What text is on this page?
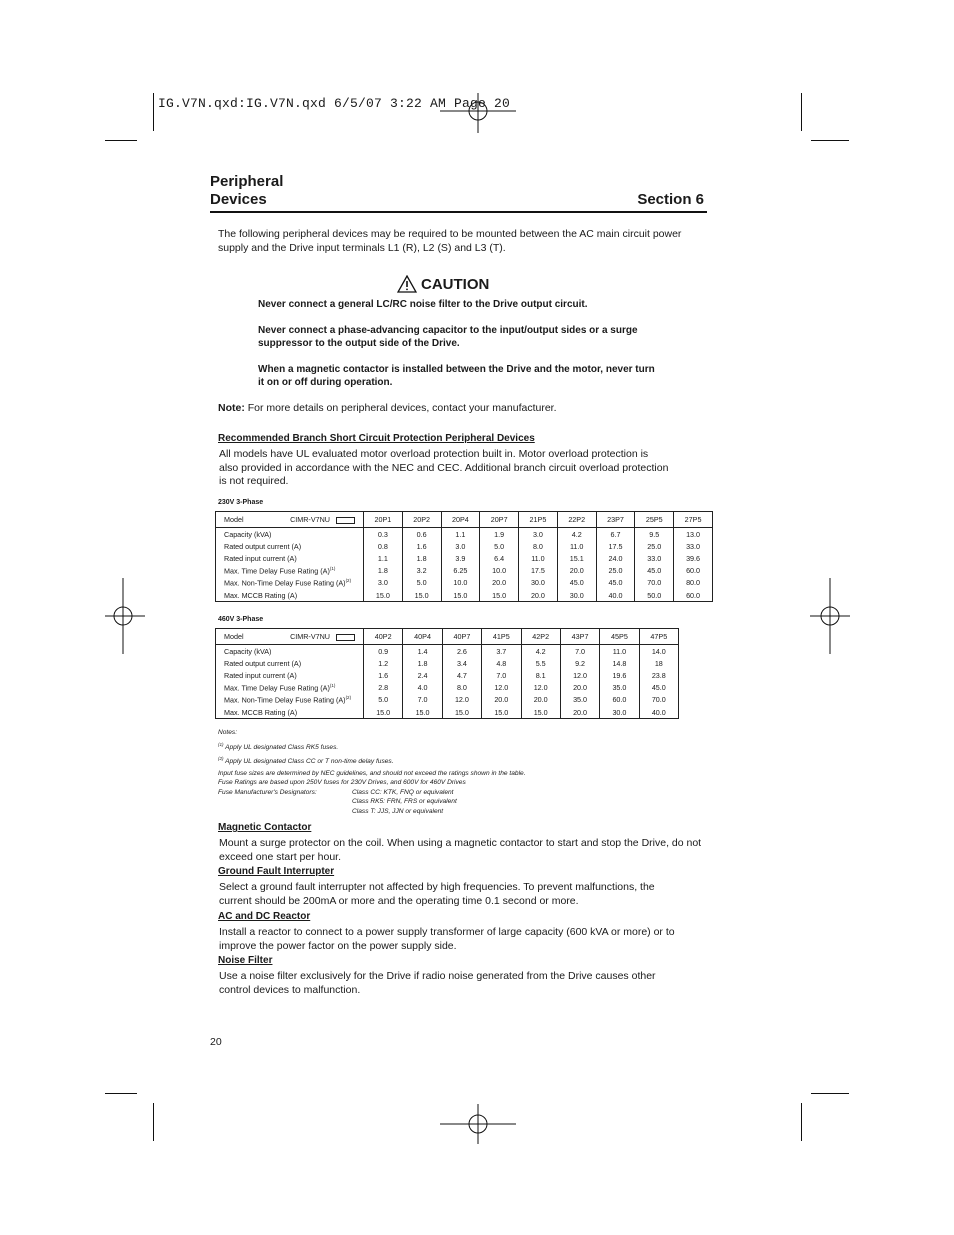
IG.V7N.qxd:IG.V7N.qxd 6/5/07 3:22 AM Page 20
Peripheral
Devices	Section 6
The following peripheral devices may be required to be mounted between the AC main circuit power supply and the Drive input terminals L1 (R), L2 (S) and L3 (T).
CAUTION
Never connect a general LC/RC noise filter to the Drive output circuit.
Never connect a phase-advancing capacitor to the input/output sides or a surge suppressor to the output side of the Drive.
When a magnetic contactor is installed between the Drive and the motor, never turn it on or off during operation.
Note: For more details on peripheral devices, contact your manufacturer.
Recommended Branch Short Circuit Protection Peripheral Devices
All models have UL evaluated motor overload protection built in. Motor overload protection is also provided in accordance with the NEC and CEC. Additional branch circuit overload protection is not required.
230V 3-Phase
Model CIMR-V7NU	20P1	20P2	20P4	20P7	21P5	22P2	23P7	25P5	27P5
Capacity (kVA)	0.3	0.6	1.1	1.9	3.0	4.2	6.7	9.5	13.0
Rated output current (A)	0.8	1.6	3.0	5.0	8.0	11.0	17.5	25.0	33.0
Rated input current (A)	1.1	1.8	3.9	6.4	11.0	15.1	24.0	33.0	39.6
Max. Time Delay Fuse Rating $(A)^{(1)}$	1.8	3.2	6.25	10.0	17.5	20.0	25.0	45.0	60.0
Max. Non-Time Delay Fuse Rating $(A)^{(2)}$	3.0	5.0	10.0	20.0	30.0	45.0	45.0	70.0	80.0
Max. MCCB Rating (A)	15.0	15.0	15.0	15.0	20.0	30.0	40.0	50.0	60.0
460V 3-Phase
Model CIMR-V7NU	40P2	40P4	40P7	41P5	42P2	43P7	45P5	47P5
Capacity (kVA)	0.9	1.4	2.6	3.7	4.2	7.0	11.0	14.0
Rated output current (A)	1.2	1.8	3.4	4.8	5.5	9.2	14.8	18
Rated input current (A)	1.6	2.4	4.7	7.0	8.1	12.0	19.6	23.8
Max. Time Delay Fuse Rating $(A)^{(1)}$	2.8	4.0	8.0	12.0	12.0	20.0	35.0	45.0
Max. Non-Time Delay Fuse Rating $(A)^{(2)}$	5.0	7.0	12.0	20.0	20.0	35.0	60.0	70.0
Max. MCCB Rating (A)	15.0	15.0	15.0	15.0	15.0	20.0	30.0	40.0
Notes:
$^{(1)}$ Apply UL designated Class RK5 fuses.
$^{(2)}$ Apply UL designated Class CC or T non-time delay fuses.
Input fuse sizes are determined by NEC guidelines, and should not exceed the ratings shown in the table.
Fuse Ratings are based upon 250V fuses for 230V Drives, and 600V for 460V Drives
Fuse Manufacturer's Designators:	Class CC: KTK, FNQ or equivalent
Class RK5: FRN, FRS or equivalent
Class T: JJS, JJN or equivalent
Magnetic Contactor
Mount a surge protector on the coil. When using a magnetic contactor to start and stop the Drive, do not exceed one start per hour.
Ground Fault Interrupter
Select a ground fault interrupter not affected by high frequencies. To prevent malfunctions, the current should be 200mA or more and the operating time 0.1 second or more.
AC and DC Reactor
Install a reactor to connect to a power supply transformer of large capacity (600 kVA or more) or to improve the power factor on the power supply side.
Noise Filter
Use a noise filter exclusively for the Drive if radio noise generated from the Drive causes other control devices to malfunction.
20
